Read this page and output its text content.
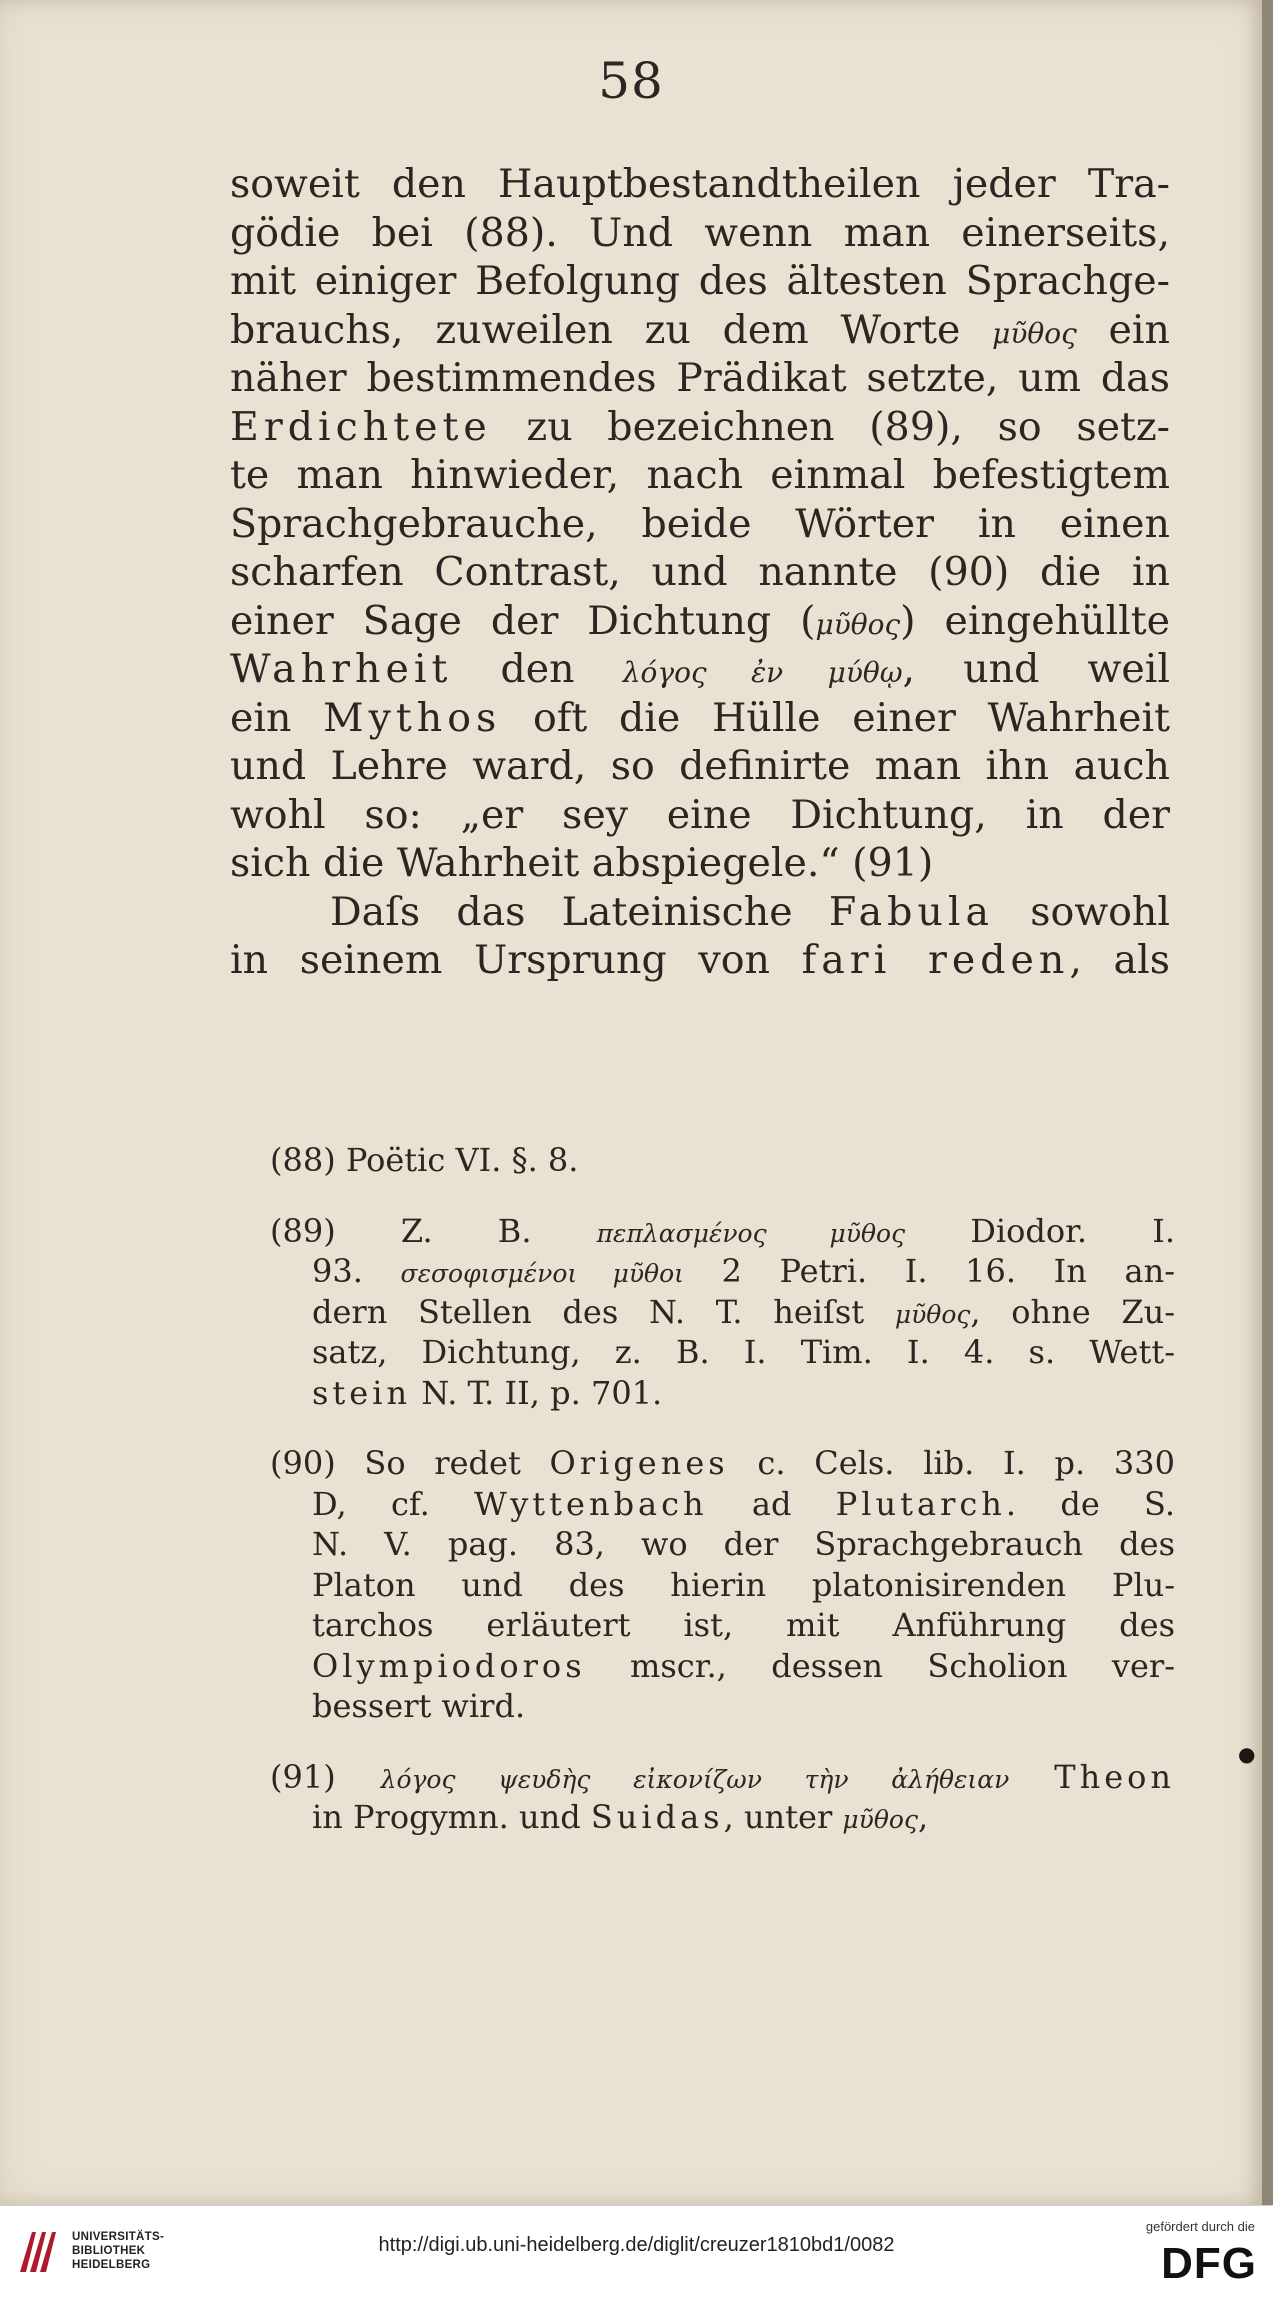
58
soweit den Hauptbestandtheilen jeder Tra-
gödie bei (88). Und wenn man einerseits,
mit einiger Befolgung des ältesten Sprachge-
brauchs, zuweilen zu dem Worte μῦθος ein
näher bestimmendes Prädikat setzte, um das
Erdichtete zu bezeichnen (89), so setz-
te man hinwieder, nach einmal befestigtem
Sprachgebrauche, beide Wörter in einen
scharfen Contrast, und nannte (90) die in
einer Sage der Dichtung (μῦθος) eingehüllte
Wahrheit den λόγος ἐν μύθῳ, und weil
ein Mythos oft die Hülle einer Wahrheit
und Lehre ward, so definirte man ihn auch
wohl so: „er sey eine Dichtung, in der
sich die Wahrheit abspiegele.“ (91)
Daſs das Lateinische Fabula sowohl
in seinem Ursprung von fari reden, als
(88) Poëtic VI. §. 8.
(89) Z. B. πεπλασμένος μῦθος Diodor. I.
93. σεσοφισμένοι μῦθοι 2 Petri. I. 16. In an-
dern Stellen des N. T. heiſst μῦθος, ohne Zu-
satz, Dichtung, z. B. I. Tim. I. 4. s. Wett-
stein N. T. II, p. 701.
(90) So redet Origenes c. Cels. lib. I. p. 330
D, cf. Wyttenbach ad Plutarch. de S.
N. V. pag. 83, wo der Sprachgebrauch des
Platon und des hierin platonisirenden Plu-
tarchos erläutert ist, mit Anführung des
Olympiodoros mscr., dessen Scholion ver-
bessert wird.
(91) λόγος ψευδὴς εἰκονίζων τὴν ἀλήθειαν Theon
in Progymn. und Suidas, unter μῦθος,
●
UNIVERSITÄTS-
BIBLIOTHEK
HEIDELBERG
http://digi.ub.uni-heidelberg.de/diglit/creuzer1810bd1/0082
gefördert durch die
DFG
